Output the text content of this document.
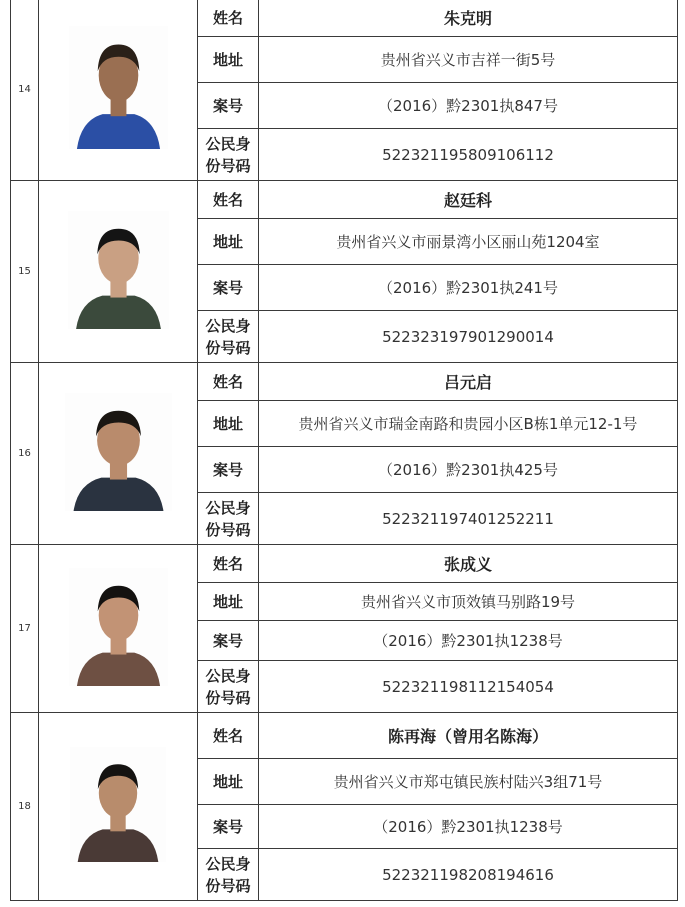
14		姓名	朱克明
		地址	贵州省兴义市吉祥一街5号
		案号	（2016）黔2301执847号
		公民身
份号码	522321195809106112
15		姓名	赵廷科
		地址	贵州省兴义市丽景湾小区丽山苑1204室
		案号	（2016）黔2301执241号
		公民身
份号码	522323197901290014
16		姓名	吕元启
		地址	贵州省兴义市瑞金南路和贵园小区B栋1单元12-1号
		案号	（2016）黔2301执425号
		公民身
份号码	522321197401252211
17		姓名	张成义
		地址	贵州省兴义市顶效镇马别路19号
		案号	（2016）黔2301执1238号
		公民身
份号码	522321198112154054
18		姓名	陈再海（曾用名陈海）
		地址	贵州省兴义市郑屯镇民族村陆兴3组71号
		案号	（2016）黔2301执1238号
		公民身
份号码	522321198208194616
